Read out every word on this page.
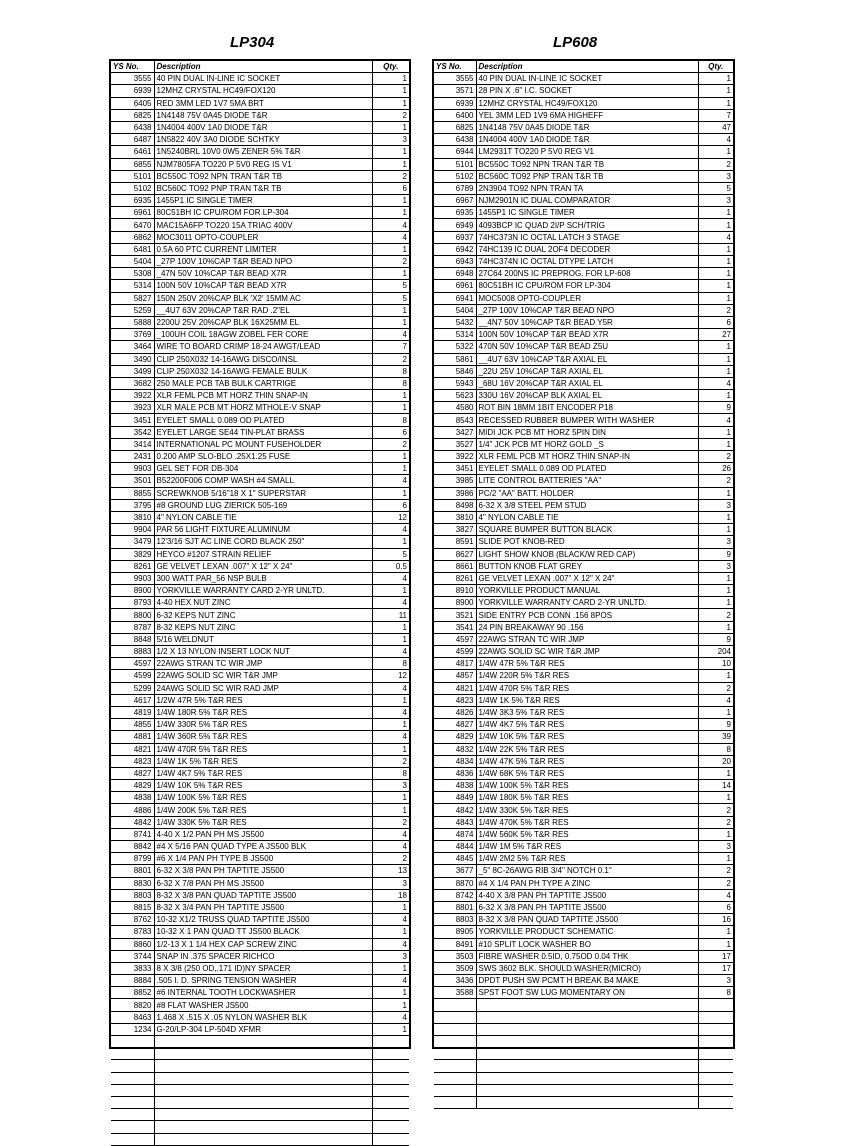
LP304	LP608
YS No.	Description	Qty.
3555	40 PIN DUAL IN-LINE IC SOCKET	1
6939	12MHZ CRYSTAL HC49/FOX120	1
6405	RED 3MM LED 1V7 5MA BRT	1
6825	1N4148 75V 0A45 DIODE T&R	2
6438	1N4004 400V 1A0 DIODE T&R	1
6487	1N5822 40V 3A0 DIODE SCHTKY	3
6461	1N5240BRL 10V0 0W5 ZENER 5% T&R	1
6855	NJM7805FA TO220 P 5V0 REG IS V1	1
5101	BC550C TO92 NPN TRAN T&R TB	2
5102	BC560C TO92 PNP TRAN T&R TB	6
6935	1455P1 IC SINGLE TIMER	1
6961	80C51BH IC CPU/ROM FOR LP-304	1
6470	MAC15A6FP TO220 15A TRIAC 400V	4
6862	MOC3011 OPTO-COUPLER	4
6481	0.5A 60 PTC CURRENT LIMITER	1
5404	_27P 100V 10%CAP T&R BEAD NPO	2
5308	_47N 50V 10%CAP T&R BEAD X7R	1
5314	100N 50V 10%CAP T&R BEAD X7R	5
5827	150N 250V 20%CAP BLK 'X2' 15MM AC	5
5259	__4U7 63V 20%CAP T&R RAD .2"EL	1
5888	2200U 25V 20%CAP BLK 16X25MM EL	1
3769	_100UH COIL 18AGW ZOBEL FER CORE	4
3464	WIRE TO BOARD CRIMP 18-24 AWGT/LEAD	7
3490	CLIP 250X032 14-16AWG DISCO/INSL	2
3499	CLIP 250X032 14-16AWG FEMALE BULK	8
3682	250 MALE PCB TAB BULK CARTRIGE	8
3922	XLR FEML PCB MT HORZ THIN SNAP-IN	1
3923	XLR MALE PCB MT HORZ MTHOLE-V SNAP	1
3451	EYELET SMALL 0.089 OD PLATED	8
3542	EYELET LARGE SE44 TIN-PLAT BRASS	6
3414	INTERNATIONAL PC MOUNT FUSEHOLDER	2
2431	0.200 AMP SLO-BLO .25X1.25 FUSE	1
9903	GEL SET FOR DB-304	1
3501	B52200F006 COMP WASH #4 SMALL	4
8855	SCREWKNOB 5/16"18 X 1" SUPERSTAR	1
3795	#8 GROUND LUG ZIERICK 505-169	6
3810	4" NYLON CABLE TIE	12
9904	PAR 56 LIGHT FIXTURE ALUMINUM	4
3479	12'3/16 SJT AC LINE CORD BLACK 250"	1
3829	HEYCO #1207 STRAIN RELIEF	5
8261	GE VELVET LEXAN .007" X 12" X 24"	0.5
9903	300 WATT PAR_56 NSP BULB	4
8900	YORKVILLE WARRANTY CARD 2-YR UNLTD.	1
8793	4-40 HEX NUT ZINC	4
8800	6-32 KEPS NUT ZINC	11
8787	8-32 KEPS NUT ZINC	1
8848	5/16 WELDNUT	1
8883	1/2 X 13 NYLON INSERT LOCK NUT	4
4597	22AWG STRAN TC WIR JMP	8
4599	22AWG SOLID SC WIR T&R JMP	12
5299	24AWG SOLID SC WIR RAD JMP	4
4617	1/2W 47R 5% T&R RES	1
4819	1/4W 180R 5% T&R RES	4
4855	1/4W 330R 5% T&R RES	1
4881	1/4W 360R 5% T&R RES	4
4821	1/4W 470R 5% T&R RES	1
4823	1/4W 1K 5% T&R RES	2
4827	1/4W 4K7 5% T&R RES	8
4829	1/4W 10K 5% T&R RES	3
4838	1/4W 100K 5% T&R RES	1
4886	1/4W 200K 5% T&R RES	1
4842	1/4W 330K 5% T&R RES	2
8741	4-40 X 1/2 PAN PH MS JS500	4
8842	#4 X 5/16 PAN QUAD TYPE A JS500 BLK	4
8799	#6 X 1/4 PAN PH TYPE B JS500	2
8801	6-32 X 3/8 PAN PH TAPTITE JS500	13
8830	6-32 X 7/8 PAN PH MS JS500	3
8803	8-32 X 3/8 PAN QUAD TAPTITE JS500	18
8815	8-32 X 3/4 PAN PH TAPTITE JS500	1
8762	10-32 X1/2 TRUSS QUAD TAPTITE JS500	4
8783	10-32 X 1 PAN QUAD TT JS500 BLACK	1
8860	1/2-13 X 1 1/4 HEX CAP SCREW ZINC	4
3744	SNAP IN .375 SPACER RICHCO	3
3833	8 X 3/8 (250 OD,.171 ID)NY SPACER	1
8884	.505 I. D. SPRING TENSION WASHER	4
8852	#6 INTERNAL TOOTH LOCKWASHER	1
8820	#8 FLAT WASHER JS500	1
8463	1.468 X .515 X .05 NYLON WASHER BLK	4
1234	G-20/LP-304 LP-504D XFMR	1

YS No.	Description	Qty.
3555	40 PIN DUAL IN-LINE IC SOCKET	1
3571	28 PIN X .6" I.C. SOCKET	1
6939	12MHZ CRYSTAL HC49/FOX120	1
6400	YEL 3MM LED 1V9 6MA HIGHEFF	7
6825	1N4148 75V 0A45 DIODE T&R	47
6438	1N4004 400V 1A0 DIODE T&R	4
6944	LM2931T TO220 P 5V0 REG V1	1
5101	BC550C TO92 NPN TRAN T&R TB	2
5102	BC560C TO92 PNP TRAN T&R TB	3
6789	2N3904 TO92 NPN TRAN TA	5
6967	NJM2901N IC DUAL COMPARATOR	3
6935	1455P1 IC SINGLE TIMER	1
6949	4093BCP IC QUAD 2I/P SCH/TRIG	1
6937	74HC373N IC OCTAL LATCH 3 STAGE	4
6942	74HC139 IC DUAL 2OF4 DECODER	1
6943	74HC374N IC OCTAL DTYPE LATCH	1
6948	27C64 200NS IC PREPROG. FOR LP-608	1
6961	80C51BH IC CPU/ROM FOR LP-304	1
6941	MOC5008 OPTO-COUPLER	1
5404	_27P 100V 10%CAP T&R BEAD NPO	2
5432	__4N7 50V 10%CAP T&R BEAD Y5R	6
5314	100N 50V 10%CAP T&R BEAD X7R	27
5322	470N 50V 10%CAP T&R BEAD Z5U	1
5861	__4U7 63V 10%CAP T&R AXIAL EL	1
5846	_22U 25V 10%CAP T&R AXIAL EL	1
5943	_68U 16V 20%CAP T&R AXIAL EL	4
5623	330U 16V 20%CAP BLK AXIAL EL	1
4580	ROT BIN 18MM 1BIT ENCODER P18	9
8543	RECESSED RUBBER BUMPER WITH WASHER	4
3427	MIDI JCK PCB MT HORZ 5PIN DIN	1
3527	1/4" JCK PCB MT HORZ GOLD _S	1
3922	XLR FEML PCB MT HORZ THIN SNAP-IN	2
3451	EYELET SMALL 0.089 OD PLATED	26
3985	LITE CONTROL BATTERIES "AA"	2
3986	PC/2 "AA" BATT. HOLDER	1
8498	6-32 X 3/8 STEEL PEM STUD	3
3810	4" NYLON CABLE TIE	1
3827	SQUARE BUMPER BUTTON BLACK	1
8591	SLIDE POT KNOB-RED	3
8627	LIGHT SHOW KNOB (BLACK/W RED CAP)	9
8661	BUTTON KNOB FLAT GREY	3
8261	GE VELVET LEXAN .007" X 12" X 24"	1
8910	YORKVILLE PRODUCT MANUAL	1
8900	YORKVILLE WARRANTY CARD 2-YR UNLTD.	1
3521	SIDE ENTRY PCB CONN .156 8POS	2
3541	24 PIN BREAKAWAY 90 .156	1
4597	22AWG STRAN TC WIR JMP	9
4599	22AWG SOLID SC WIR T&R JMP	204
4817	1/4W 47R 5% T&R RES	10
4857	1/4W 220R 5% T&R RES	1
4821	1/4W 470R 5% T&R RES	2
4823	1/4W 1K 5% T&R RES	4
4826	1/4W 3K3 5% T&R RES	1
4827	1/4W 4K7 5% T&R RES	9
4829	1/4W 10K 5% T&R RES	39
4832	1/4W 22K 5% T&R RES	8
4834	1/4W 47K 5% T&R RES	20
4836	1/4W 68K 5% T&R RES	1
4838	1/4W 100K 5% T&R RES	14
4849	1/4W 180K 5% T&R RES	1
4842	1/4W 330K 5% T&R RES	2
4843	1/4W 470K 5% T&R RES	2
4874	1/4W 560K 5% T&R RES	1
4844	1/4W 1M 5% T&R RES	3
4845	1/4W 2M2 5% T&R RES	1
3677	_5" 8C-26AWG RIB 3/4" NOTCH 0.1"	2
8870	#4 X 1/4 PAN PH TYPE A ZINC	2
8742	4-40 X 3/8 PAN PH TAPTITE JS500	4
8801	6-32 X 3/8 PAN PH TAPTITE JS500	6
8803	8-32 X 3/8 PAN QUAD TAPTITE JS500	16
8905	YORKVILLE PRODUCT SCHEMATIC	1
8491	#10 SPLIT LOCK WASHER BO	1
3503	FIBRE WASHER 0.5ID, 0.75OD 0.04 THK	17
3509	SWS 3602 BLK. SHOULD.WASHER(MICRO)	17
3436	DPDT PUSH SW PCMT H BREAK B4 MAKE	3
3588	SPST FOOT SW LUG MOMENTARY ON	8
